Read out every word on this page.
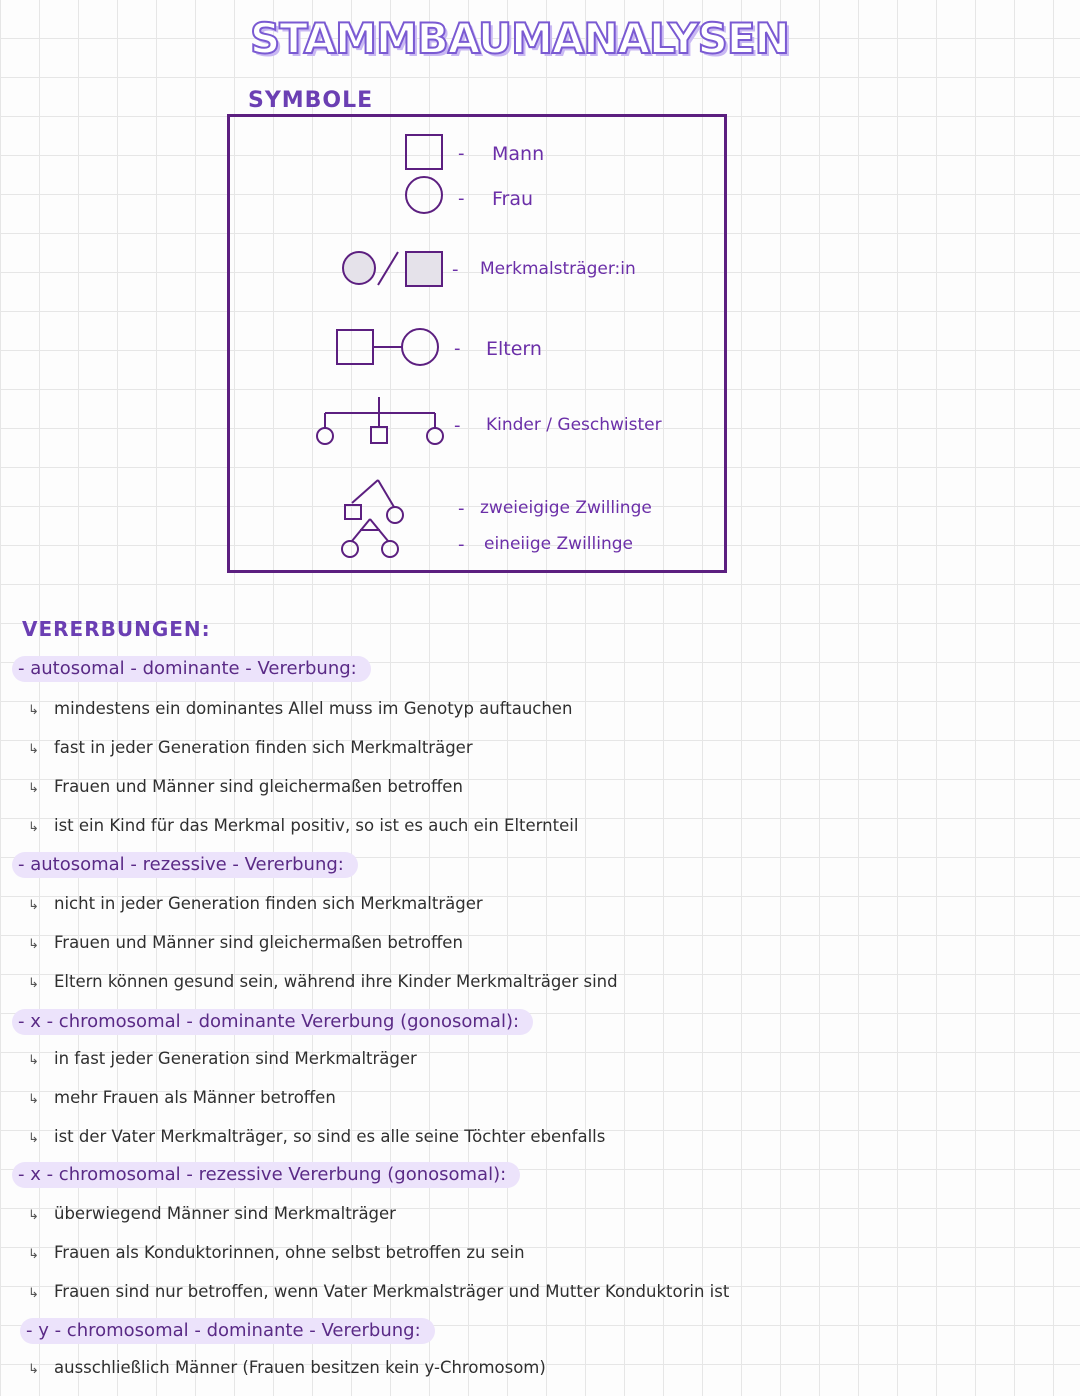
STAMMBAUMANALYSEN
SYMBOLE
- Mann
- Frau
- Merkmalsträger:in
- Eltern
- Kinder / Geschwister
- zweieigige Zwillinge
- eineiige Zwillinge
VERERBUNGEN:
- autosomal - dominante - Vererbung:
↳ mindestens ein dominantes Allel muss im Genotyp auftauchen
↳ fast in jeder Generation finden sich Merkmalträger
↳ Frauen und Männer sind gleichermaßen betroffen
↳ ist ein Kind für das Merkmal positiv, so ist es auch ein Elternteil
- autosomal - rezessive - Vererbung:
↳ nicht in jeder Generation finden sich Merkmalträger
↳ Frauen und Männer sind gleichermaßen betroffen
↳ Eltern können gesund sein, während ihre Kinder Merkmalträger sind
- x - chromosomal - dominante Vererbung (gonosomal):
↳ in fast jeder Generation sind Merkmalträger
↳ mehr Frauen als Männer betroffen
↳ ist der Vater Merkmalträger, so sind es alle seine Töchter ebenfalls
- x - chromosomal - rezessive Vererbung (gonosomal):
↳ überwiegend Männer sind Merkmalträger
↳ Frauen als Konduktorinnen, ohne selbst betroffen zu sein
↳ Frauen sind nur betroffen, wenn Vater Merkmalsträger und Mutter Konduktorin ist
- y - chromosomal - dominante - Vererbung:
↳ ausschließlich Männer (Frauen besitzen kein y-Chromosom)
